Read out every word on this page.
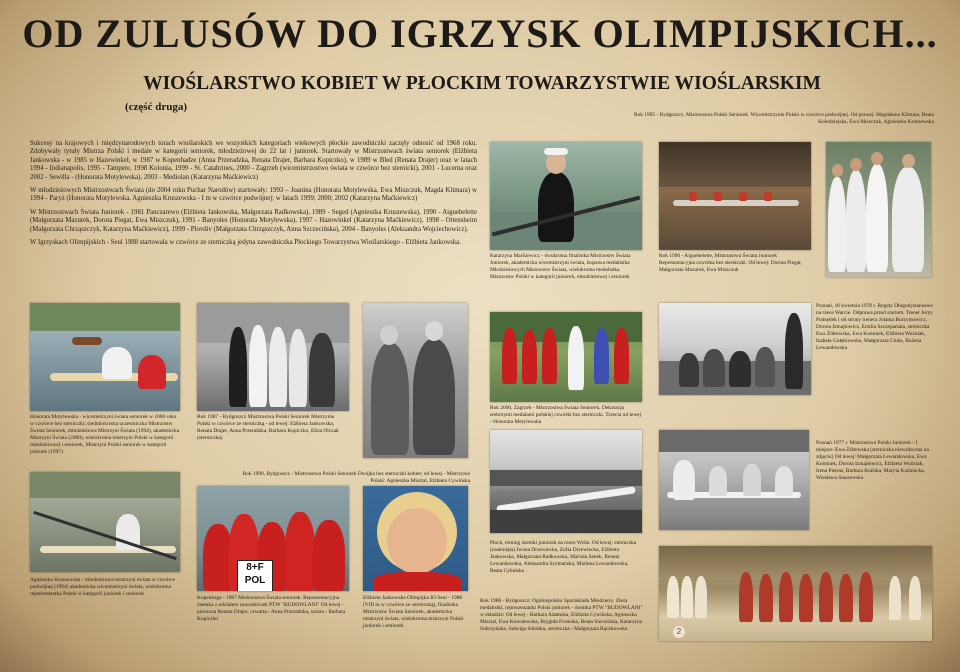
OD ZULUSÓW DO IGRZYSK OLIMPIJSKICH...
WIOŚLARSTWO KOBIET W PŁOCKIM TOWARZYSTWIE WIOŚLARSKIM
(część druga)
Rok 1995 - Bydgoszcz, Mistrzostwa Polski Seniorek. Wicemistrzynie Polski w czwórce podwójnej. Od prawej: Magdalena Klimara, Beata Kołodziejska, Ewa Miszczuk, Agnieszka Kruszewska

Sukcesy na krajowych i międzynarodowych torach wioślarskich we wszystkich kategoriach wiekowych płockie zawodniczki zaczęły odnosić od 1968 roku. Zdobywały tytuły Mistrza Polski i medale w kategorii seniorek, młodzieżowej do 22 lat i juniorek. Startowały w Mistrzostwach świata seniorek (Elżbieta Jankowska - w 1985 w Hazewinkel, w 1987 w Kopenhadze (Anna Przeradzka, Renata Drajer, Barbara Kopiczko), w 1989 w Bled (Renata Drajer) oraz w latach 1994 - Indianapolis, 1995 - Tampere, 1998 Kolonia, 1999 - St. Catahrines, 2000 - Zagrzeb (wicemistrzostwo świata w czwórce bez sternicki), 2001 - Lucerna oraz 2002 - Sewilla - (Honorata Motylewska), 2003 - Mediolan (Katarzyna Maćkiewicz)

W młodzieżowych Mistrzostwach Świata (do 2004 roku Puchar Narodów) startowały: 1993 – Joanina (Honorata Motylewska, Ewa Miszczuk, Magda Klimara) w 1994 - Paryż (Honorata Motylewska, Agnieszka Kruszewska - I m w czwórce podwójnej; w latach 1999; 2000; 2002 (Katarzyna Maćkiewicz)

W Mistrzostwach Świata Juniorek - 1981 Panczarewo (Elżbieta Jankowska, Małgorzata Radkowska), 1989 - Seged (Agnieszka Kruszewska), 1990 - Aiguebelette (Małgorzata Mazurek, Dorota Piegat, Ewa Miszczuk), 1991 - Banyoles (Honorata Motylewska), 1997 - Hazewinkel (Katarzyna Maćkiewicz), 1998 - Ottensheim (Małgorzata Chrząszczyk, Katarzyna Maćkiewicz), 1999 - Plovdiv (Małgorzata Chrząszczyk, Anna Szczecińska), 2004 - Banyoles (Aleksandra Wojciechowicz).

W Igrzyskach Olimpijskich - Seul 1988 startowała w czwórce ze sterniczką jedyna zawodniczka Płockiego Towarzystwa Wioślarskiego - Elżbieta Jankowska.

Katarzyna Maćkiewicz - dwukrotna finalistka Mistrzostw Świata Juniorek, akademicka wicemistrzyni świata, brązowa medalistka Młodzieżowych Mistrzostw Świata, wielokrotna medalistka Mistrzostw Polski w kategorii juniorek, młodzieżowej i seniorek
Rok 1990 - Aiguebelette, Mistrzostwa Świata Juniorek Reprezentacyjna czwórka bez sterniczki. Od lewej: Dorota Piegat, Małgorzata Mazurek, Ewa Miszczuk
Poznań, 16 kwietnia 1978 r. Regaty Długodystansowe na rzece Warcie. Odprawa przed startem. Trener Jerzy Podsędek i od strony trenera Jolanta Burzymowicz, Dorota Izmajłowicz, Emilia Szczepańska, sterniczka Ewa Żółtowska, Ewa Kominek, Elżbieta Woźniak, Izabela Gołębiowska, Małgorzata Ciuks, Bożena Lewandowska
Rok 2000, Zagrzeb - Mistrzostwa Świata Seniorek. Dekoracja srebrnymi medalami polskiej czwórki bez sterniczki. Trzecia od lewej - Honorata Motylewska
Honorata Motylewska - wicemistrzyni świata seniorek w 2000 roku w czwórce bez sterniczki; siedmiokrotna uczestniczka Mistrzostw Świata Seniorek, młodzieżowa Mistrzyni Świata (1994), akademicka Mistrzyni Świata (2000), wielokrotna mistrzyni Polski w kategorii młodzieżowej i seniorek, Mistrzyni Polski seniorek w kategorii jedynek (1997)
Rok 1987 - Bydgoszcz Mistrzostwa Polski Seniorek Mistrzynie Polski w czwórce ze sterniczką - od lewej: Elżbieta Jankowska, Renata Drajer, Anna Przeradzka, Barbara Kopiczko, Eliza Olczak (sterniczka)
Rok 1990, Bydgoszcz - Mistrzostwa Polski Seniorek Dwójka bez sterniczki kobiet; od lewej - Mistrzynie Polski: Agnieszka Misztal, Elżbieta Cywińska
Agnieszka Kruszewska - młodzieżowa mistrzyni świata w czwórce podwójnej (1994) akademicka wicemistrzyni świata, wielokrotna reprezentantka Polski w kategorii juniorek i seniorek
8+F
POL
Kopenhaga - 1987 Mistrzostwa Świata seniorek. Reprezentacyjna ósemka z udziałem zawodniczek PTW "BUDOWLANI" Od lewej - pierwsza Renata Drajer, czwarta - Anna Przeradzka, szósta - Barbara Kopiczko
Elżbieta Jankowska Olimpijka IO Seul - 1988 (VIII m w czwórce ze sterniczką), finalistka Mistrzostw Świata Seniorek, akademicka mistrzyni świata, wielokrotna mistrzyni Polski juniorek i seniorek
Płock, trening ósemki juniorek na rzece Wiśle. Od lewej: sterniczka (zasłonięta) Iwona Drzewiecka, Zofia Drzewiecka, Elżbieta Jankowska, Małgorzata Radkowska, Mariola Senek, Renata Lewandowska, Aleksandra Szymańska, Marlena Lewandowska, Beata Cybulska
Poznań 1977 r. Mistrzostwa Polski Juniorek - I miejsce. Ewa Żółtowska (sterniczka niewidoczna na zdjęciu) Od lewej: Małgorzata Lewandowska, Ewa Kominek, Dorota Izmajłowicz, Elżbieta Woźniak, Irena Pietras, Barbara Kralska, Maryla Kuźniecka, Wiesława Staszewska
2
Rok 1988 - Bydgoszcz: Ogólnopolska Spartakiada Młodzieży. Złota medalistki, reprezentantki Polski juniorek - ósemka PTW "BUDOWLANI" w składzie: Od lewej - Barbara Adamska, Elżbieta Cywińska, Agnieszka Misztal, Ewa Kowalewska, Brygida Frontska, Beata Sieczińska, Katarzyna Sobczyńska, Jadwiga Sobótka, sterniczka - Małgorzata Rączkowska
